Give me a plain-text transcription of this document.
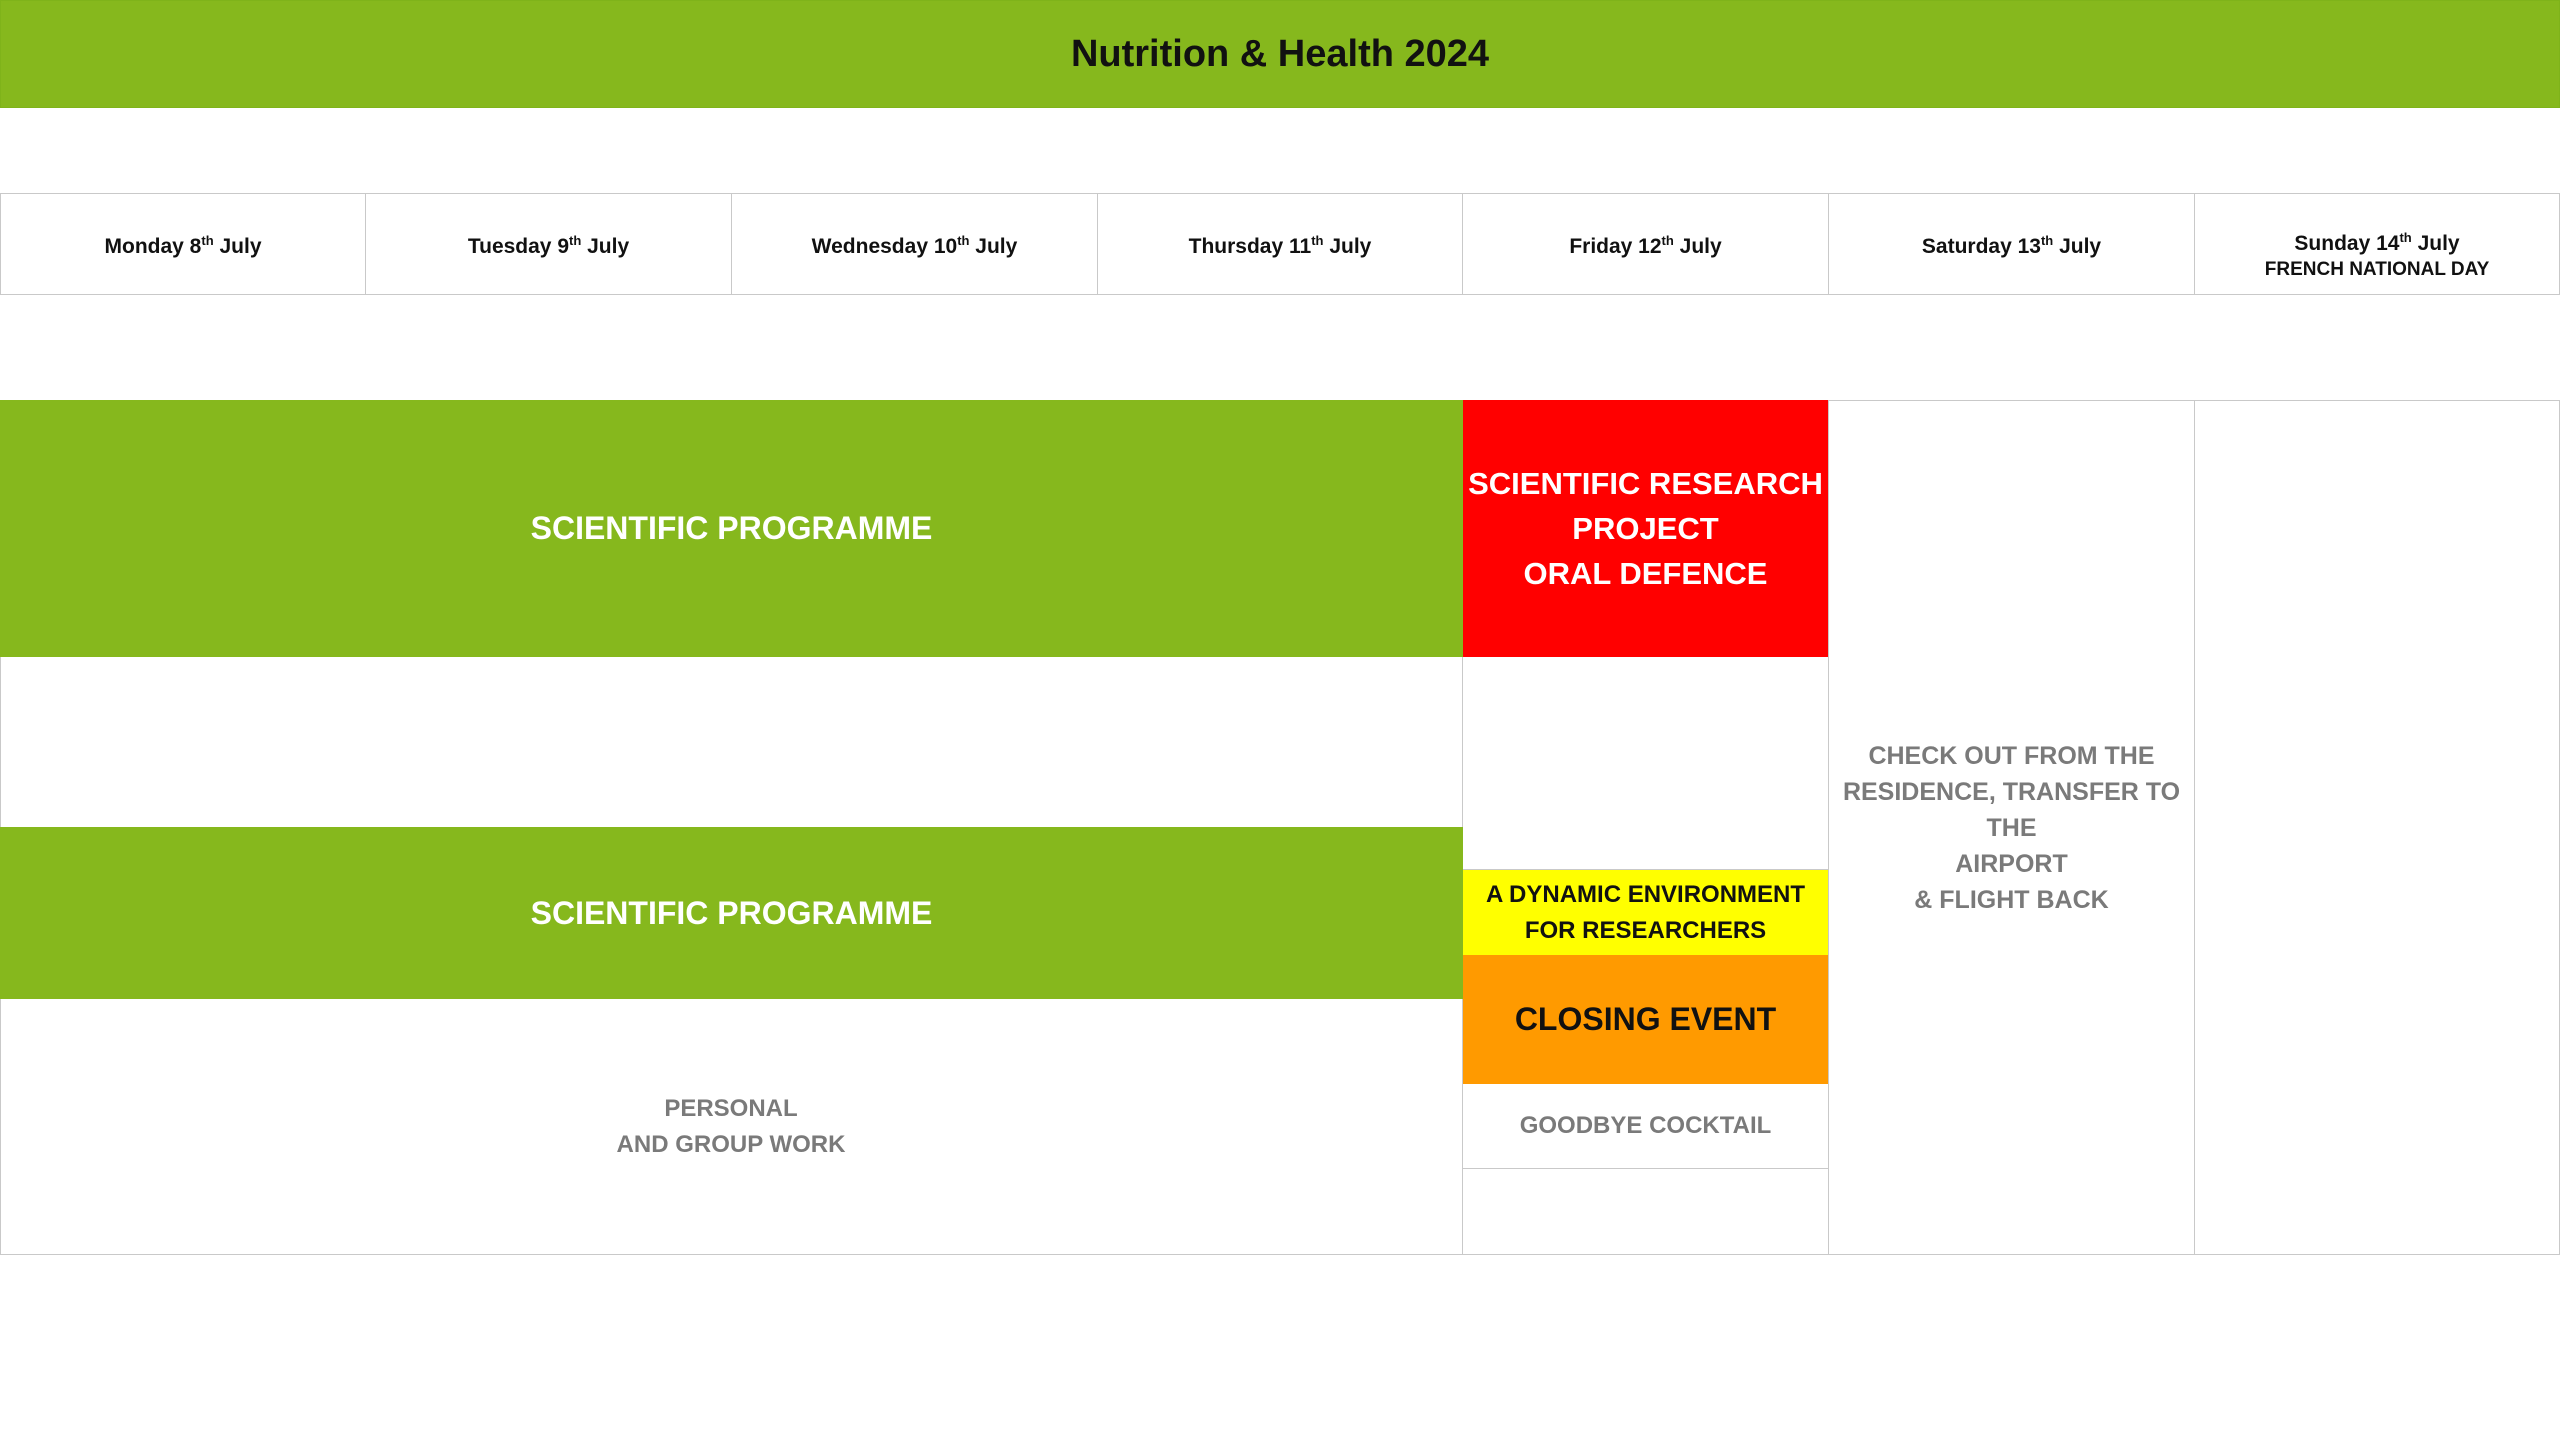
Nutrition & Health 2024
Monday 8th July	Tuesday 9th July	Wednesday 10th July	Thursday 11th July	Friday 12th July	Saturday 13th July	Sunday 14th July
FRENCH NATIONAL DAY
SCIENTIFIC PROGRAMME
SCIENTIFIC RESEARCH
PROJECT
ORAL DEFENCE
SCIENTIFIC PROGRAMME
PERSONAL
AND GROUP WORK
A DYNAMIC ENVIRONMENT
FOR RESEARCHERS
CLOSING EVENT
GOODBYE COCKTAIL
CHECK OUT FROM THE
RESIDENCE, TRANSFER TO THE
AIRPORT
& FLIGHT BACK
